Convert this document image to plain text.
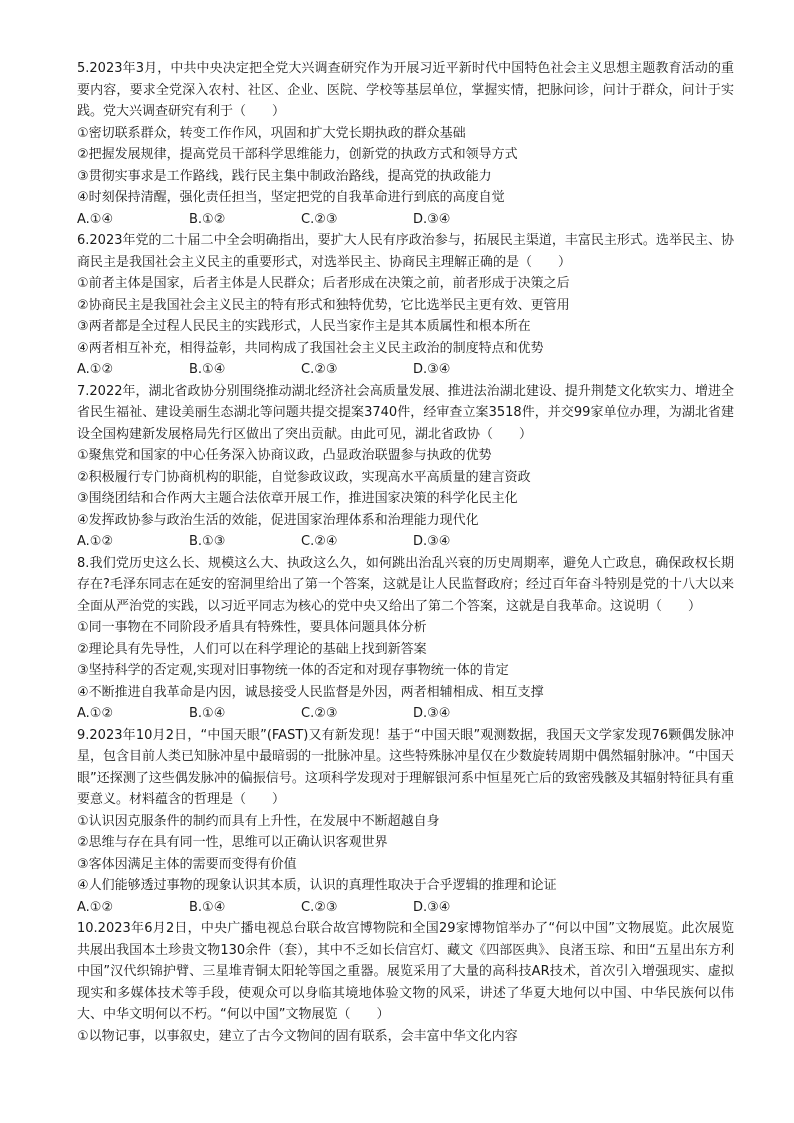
5.2023年3月，中共中央决定把全党大兴调查研究作为开展习近平新时代中国特色社会主义思想主题教育活动的重要内容，要求全党深入农村、社区、企业、医院、学校等基层单位，掌握实情，把脉问诊，问计于群众，问计于实践。党大兴调查研究有利于（　　）

①密切联系群众，转变工作作风，巩固和扩大党长期执政的群众基础

②把握发展规律，提高党员干部科学思维能力，创新党的执政方式和领导方式

③贯彻实事求是工作路线，践行民主集中制政治路线，提高党的执政能力

④时刻保持清醒，强化责任担当，坚定把党的自我革命进行到底的高度自觉

A.①④	B.①②	C.②③	D.③④

6.2023年党的二十届二中全会明确指出，要扩大人民有序政治参与，拓展民主渠道，丰富民主形式。选举民主、协商民主是我国社会主义民主的重要形式，对选举民主、协商民主理解正确的是（　　）

①前者主体是国家，后者主体是人民群众；后者形成在决策之前，前者形成于决策之后

②协商民主是我国社会主义民主的特有形式和独特优势，它比选举民主更有效、更管用

③两者都是全过程人民民主的实践形式，人民当家作主是其本质属性和根本所在

④两者相互补充，相得益彰，共同构成了我国社会主义民主政治的制度特点和优势

A.①②	B.①④	C.②③	D.③④

7.2022年，湖北省政协分别围绕推动湖北经济社会高质量发展、推进法治湖北建设、提升荆楚文化软实力、增进全省民生福祉、建设美丽生态湖北等问题共提交提案3740件，经审查立案3518件，并交99家单位办理，为湖北省建设全国构建新发展格局先行区做出了突出贡献。由此可见，湖北省政协（　　）

①聚焦党和国家的中心任务深入协商议政，凸显政治联盟参与执政的优势

②积极履行专门协商机构的职能，自觉参政议政，实现高水平高质量的建言资政

③围绕团结和合作两大主题合法依章开展工作，推进国家决策的科学化民主化

④发挥政协参与政治生活的效能，促进国家治理体系和治理能力现代化

A.①②	B.①③	C.②④	D.③④

8.我们党历史这么长、规模这么大、执政这么久，如何跳出治乱兴衰的历史周期率，避免人亡政息，确保政权长期存在?毛泽东同志在延安的窑洞里给出了第一个答案，这就是让人民监督政府；经过百年奋斗特别是党的十八大以来全面从严治党的实践，以习近平同志为核心的党中央又给出了第二个答案，这就是自我革命。这说明（　　）

①同一事物在不同阶段矛盾具有特殊性，要具体问题具体分析

②理论具有先导性，人们可以在科学理论的基础上找到新答案

③坚持科学的否定观,实现对旧事物统一体的否定和对现存事物统一体的肯定

④不断推进自我革命是内因，诚恳接受人民监督是外因，两者相辅相成、相互支撑

A.①②	B.①④	C.②③	D.③④

9.2023年10月2日，“中国天眼”(FAST)又有新发现！基于“中国天眼”观测数据，我国天文学家发现76颗偶发脉冲星，包含目前人类已知脉冲星中最暗弱的一批脉冲星。这些特殊脉冲星仅在少数旋转周期中偶然辐射脉冲。“中国天眼”还探测了这些偶发脉冲的偏振信号。这项科学发现对于理解银河系中恒星死亡后的致密残骸及其辐射特征具有重要意义。材料蕴含的哲理是（　　）

①认识因克服条件的制约而具有上升性，在发展中不断超越自身

②思维与存在具有同一性，思维可以正确认识客观世界

③客体因满足主体的需要而变得有价值

④人们能够透过事物的现象认识其本质，认识的真理性取决于合乎逻辑的推理和论证

A.①②	B.①④	C.②③	D.③④

10.2023年6月2日，中央广播电视总台联合故宫博物院和全国29家博物馆举办了“何以中国”文物展览。此次展览共展出我国本土珍贵文物130余件（套），其中不乏如长信宫灯、藏文《四部医典》、良渚玉琮、和田“五星出东方利中国”汉代织锦护臂、三星堆青铜太阳轮等国之重器。展览采用了大量的高科技AR技术，首次引入增强现实、虚拟现实和多媒体技术等手段，使观众可以身临其境地体验文物的风采，讲述了华夏大地何以中国、中华民族何以伟大、中华文明何以不朽。“何以中国”文物展览（　　）

①以物记事，以事叙史，建立了古今文物间的固有联系，会丰富中华文化内容
